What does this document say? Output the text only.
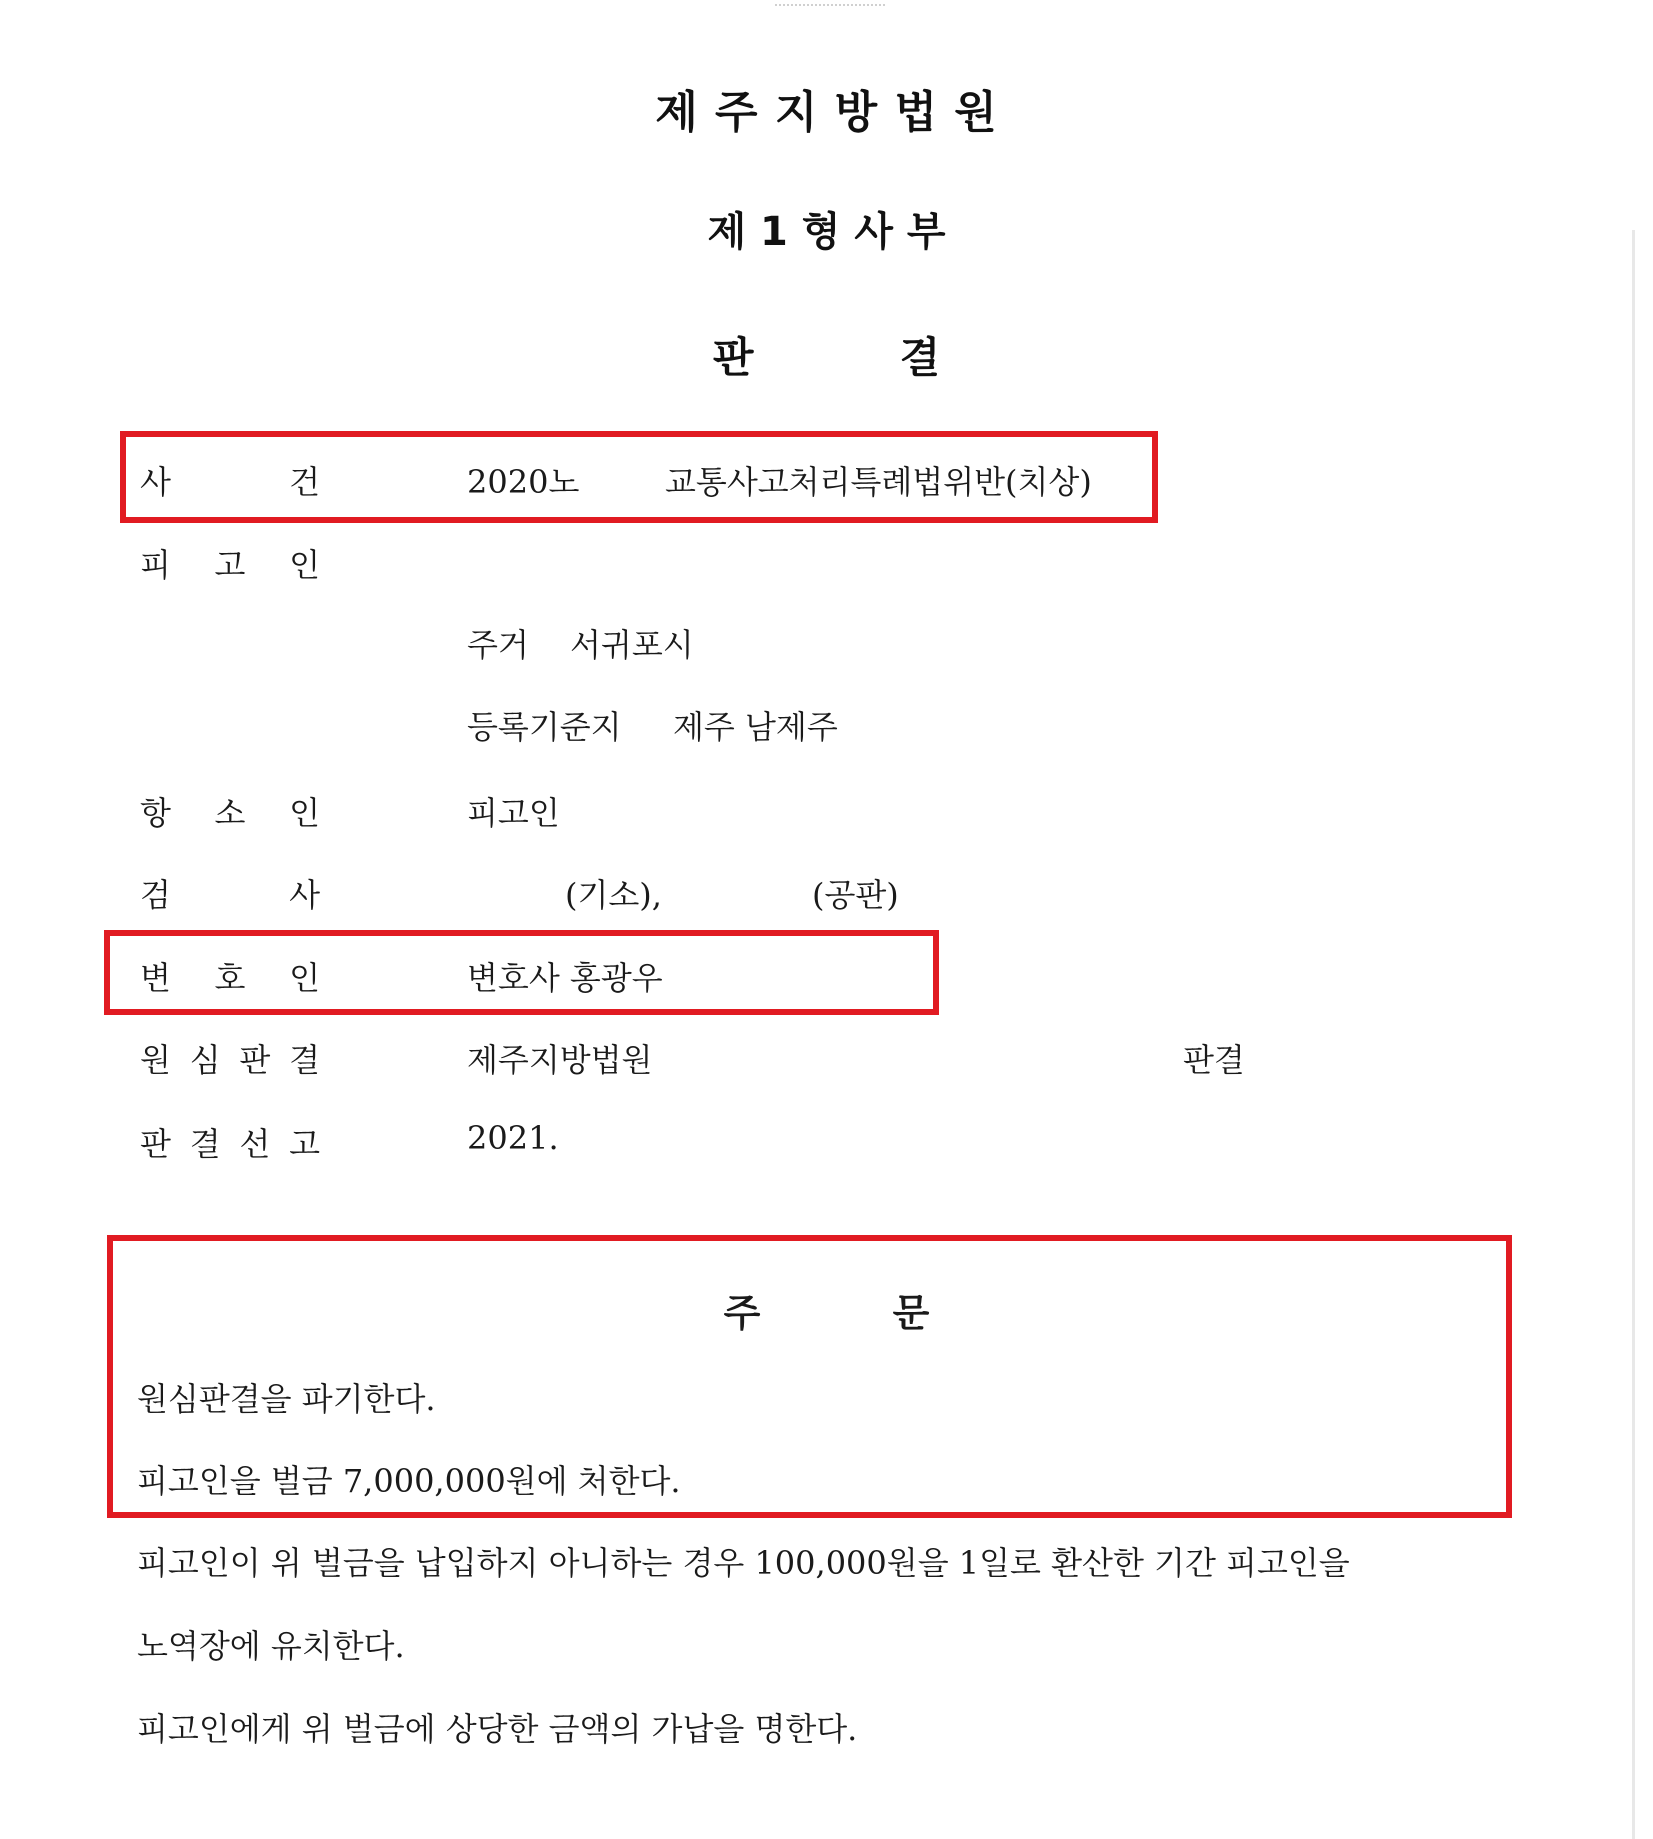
제 주 지 방 법 원
제 1 형 사 부
판          결
사	건	2020노	교통사고처리특례법위반(치상)
피 고 인
주거 서귀포시
등록기준지 제주 남제주
항 소 인	피고인
검	사	(기소),	(공판)
변 호 인	변호사 홍광우
원 심 판 결	제주지방법원	판결
판 결 선 고	2021.
주          문
원심판결을 파기한다.
피고인을 벌금 7,000,000원에 처한다.
피고인이 위 벌금을 납입하지 아니하는 경우 100,000원을 1일로 환산한 기간 피고인을
노역장에 유치한다.
피고인에게 위 벌금에 상당한 금액의 가납을 명한다.
